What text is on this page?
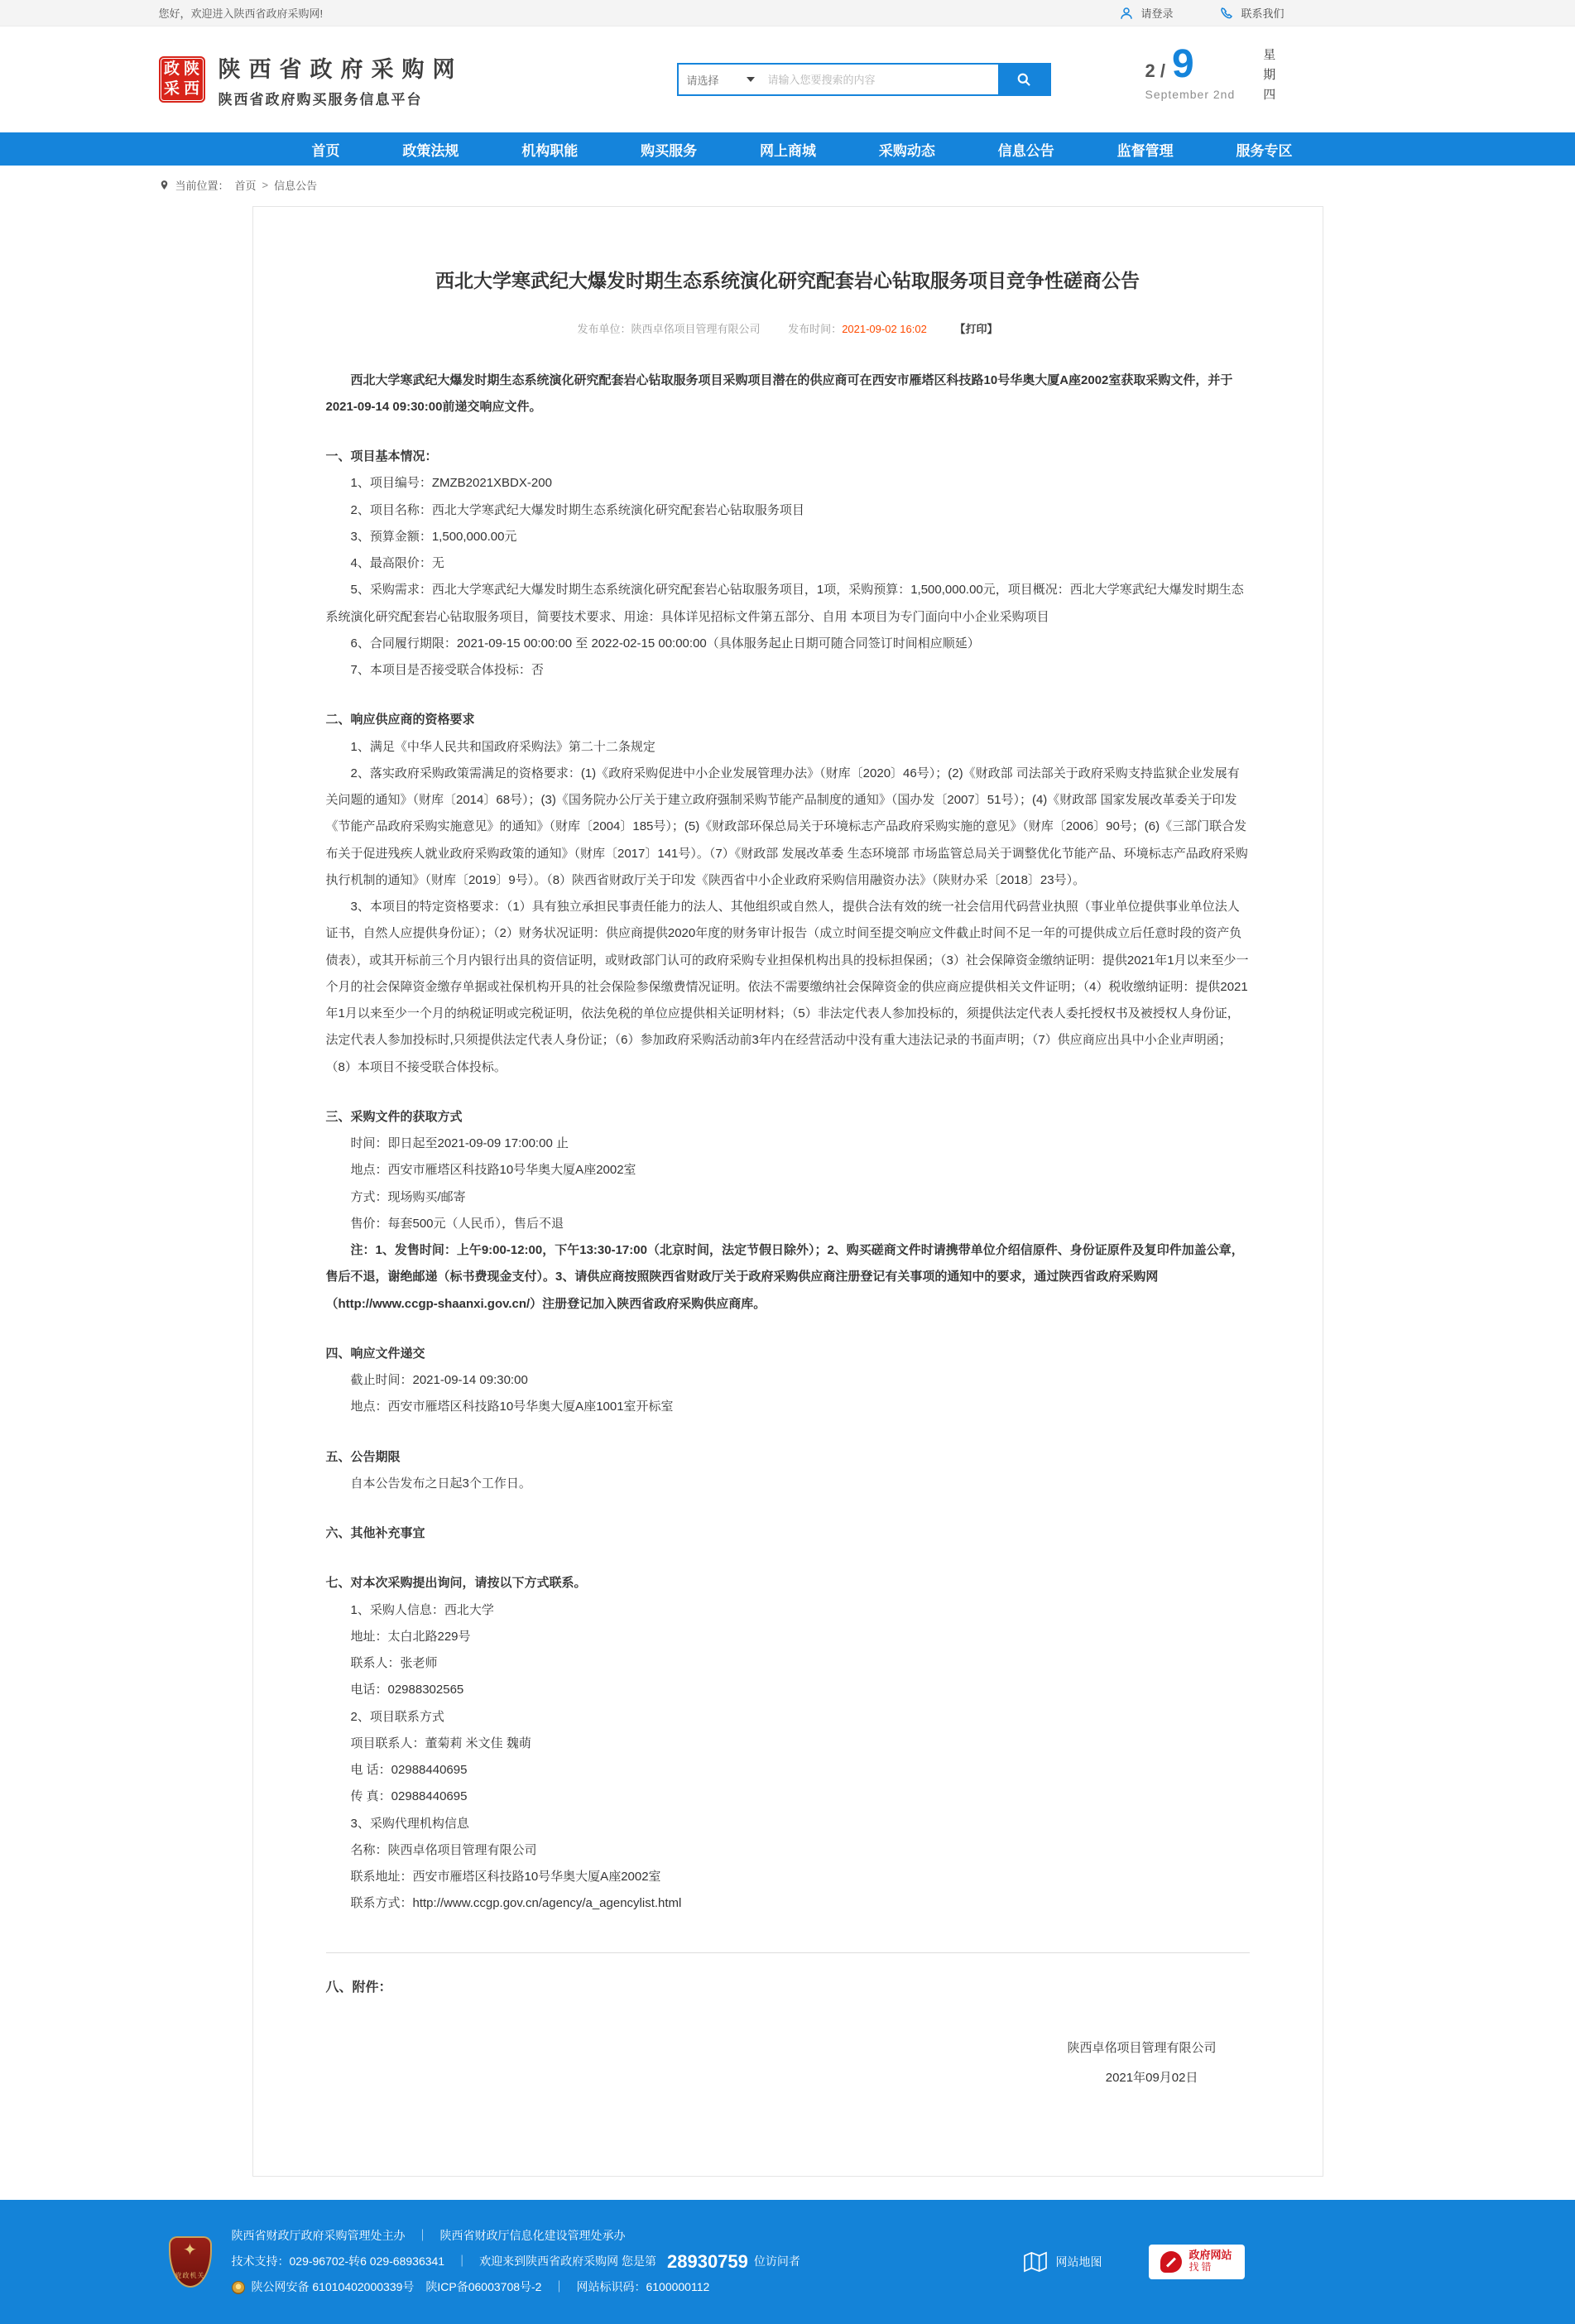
您好，欢迎进入陕西省政府采购网!	请登录	联系我们
政 陕
采 西
陕西省政府采购网
陕西省政府购买服务信息平台
请选择
请输入您要搜索的内容	2 / 9
September 2nd 星期四
首页	政策法规	机构职能	购买服务	网上商城	采购动态	信息公告	监督管理	服务专区
当前位置： 首页 > 信息公告
西北大学寒武纪大爆发时期生态系统演化研究配套岩心钻取服务项目竞争性磋商公告
发布单位：陕西卓佲项目管理有限公司	发布时间：2021-09-02 16:02	【打印】

西北大学寒武纪大爆发时期生态系统演化研究配套岩心钻取服务项目采购项目潜在的供应商可在西安市雁塔区科技路10号华奥大厦A座2002室获取采购文件，并于2021-09-14 09:30:00前递交响应文件。

一、项目基本情况：

1、项目编号：ZMZB2021XBDX-200

2、项目名称：西北大学寒武纪大爆发时期生态系统演化研究配套岩心钻取服务项目

3、预算金额：1,500,000.00元

4、最高限价：无

5、采购需求：西北大学寒武纪大爆发时期生态系统演化研究配套岩心钻取服务项目，1项，采购预算：1,500,000.00元，项目概况：西北大学寒武纪大爆发时期生态系统演化研究配套岩心钻取服务项目，简要技术要求、用途：具体详见招标文件第五部分、自用 本项目为专门面向中小企业采购项目

6、合同履行期限：2021-09-15 00:00:00 至 2022-02-15 00:00:00（具体服务起止日期可随合同签订时间相应顺延）

7、本项目是否接受联合体投标：否

二、响应供应商的资格要求

1、满足《中华人民共和国政府采购法》第二十二条规定

2、落实政府采购政策需满足的资格要求：(1)《政府采购促进中小企业发展管理办法》（财库〔2020〕46号）；(2)《财政部 司法部关于政府采购支持监狱企业发展有关问题的通知》（财库〔2014〕68号）；(3)《国务院办公厅关于建立政府强制采购节能产品制度的通知》（国办发〔2007〕51号）；(4)《财政部 国家发展改革委关于印发《节能产品政府采购实施意见》的通知》（财库〔2004〕185号）；(5)《财政部环保总局关于环境标志产品政府采购实施的意见》（财库〔2006〕90号；(6)《三部门联合发布关于促进残疾人就业政府采购政策的通知》（财库〔2017〕141号）。（7）《财政部 发展改革委 生态环境部 市场监管总局关于调整优化节能产品、环境标志产品政府采购执行机制的通知》（财库〔2019〕9号）。（8）陕西省财政厅关于印发《陕西省中小企业政府采购信用融资办法》（陕财办采〔2018〕23号）。

3、本项目的特定资格要求：（1）具有独立承担民事责任能力的法人、其他组织或自然人，提供合法有效的统一社会信用代码营业执照（事业单位提供事业单位法人证书，自然人应提供身份证）；（2）财务状况证明：供应商提供2020年度的财务审计报告（成立时间至提交响应文件截止时间不足一年的可提供成立后任意时段的资产负债表），或其开标前三个月内银行出具的资信证明，或财政部门认可的政府采购专业担保机构出具的投标担保函；（3）社会保障资金缴纳证明：提供2021年1月以来至少一个月的社会保障资金缴存单据或社保机构开具的社会保险参保缴费情况证明。依法不需要缴纳社会保障资金的供应商应提供相关文件证明；（4）税收缴纳证明：提供2021年1月以来至少一个月的纳税证明或完税证明，依法免税的单位应提供相关证明材料；（5）非法定代表人参加投标的，须提供法定代表人委托授权书及被授权人身份证，法定代表人参加投标时,只须提供法定代表人身份证；（6）参加政府采购活动前3年内在经营活动中没有重大违法记录的书面声明；（7）供应商应出具中小企业声明函；（8）本项目不接受联合体投标。

三、采购文件的获取方式

时间：即日起至2021-09-09 17:00:00 止

地点：西安市雁塔区科技路10号华奥大厦A座2002室

方式：现场购买/邮寄

售价：每套500元（人民币），售后不退

注：1、发售时间：上午9:00-12:00，下午13:30-17:00（北京时间，法定节假日除外）；2、购买磋商文件时请携带单位介绍信原件、身份证原件及复印件加盖公章，售后不退，谢绝邮递（标书费现金支付）。3、请供应商按照陕西省财政厅关于政府采购供应商注册登记有关事项的通知中的要求，通过陕西省政府采购网（http://www.ccgp-shaanxi.gov.cn/）注册登记加入陕西省政府采购供应商库。

四、响应文件递交

截止时间：2021-09-14 09:30:00

地点：西安市雁塔区科技路10号华奥大厦A座1001室开标室

五、公告期限

自本公告发布之日起3个工作日。

六、其他补充事宜

七、对本次采购提出询问，请按以下方式联系。

1、采购人信息：西北大学

地址：太白北路229号

联系人：张老师

电话：02988302565

2、项目联系方式

项目联系人：董菊莉 米文佳 魏萌

电 话：02988440695

传 真：02988440695

3、采购代理机构信息

名称：陕西卓佲项目管理有限公司

联系地址：西安市雁塔区科技路10号华奥大厦A座2002室

联系方式：http://www.ccgp.gov.cn/agency/a_agencylist.html

八、附件：

陕西卓佲项目管理有限公司

2021年09月02日

✦
党政机关

陕西省财政厅政府采购管理处主办　｜　陕西省财政厅信息化建设管理处承办

技术支持：029-96702-转6 029-68936341　｜　欢迎来到陕西省政府采购网 您是第 28930759 位访问者

陕公网安备 61010402000339号　陕ICP备06003708号-2　｜　网站标识码：6100000112

网站地图	政府网站
找错
